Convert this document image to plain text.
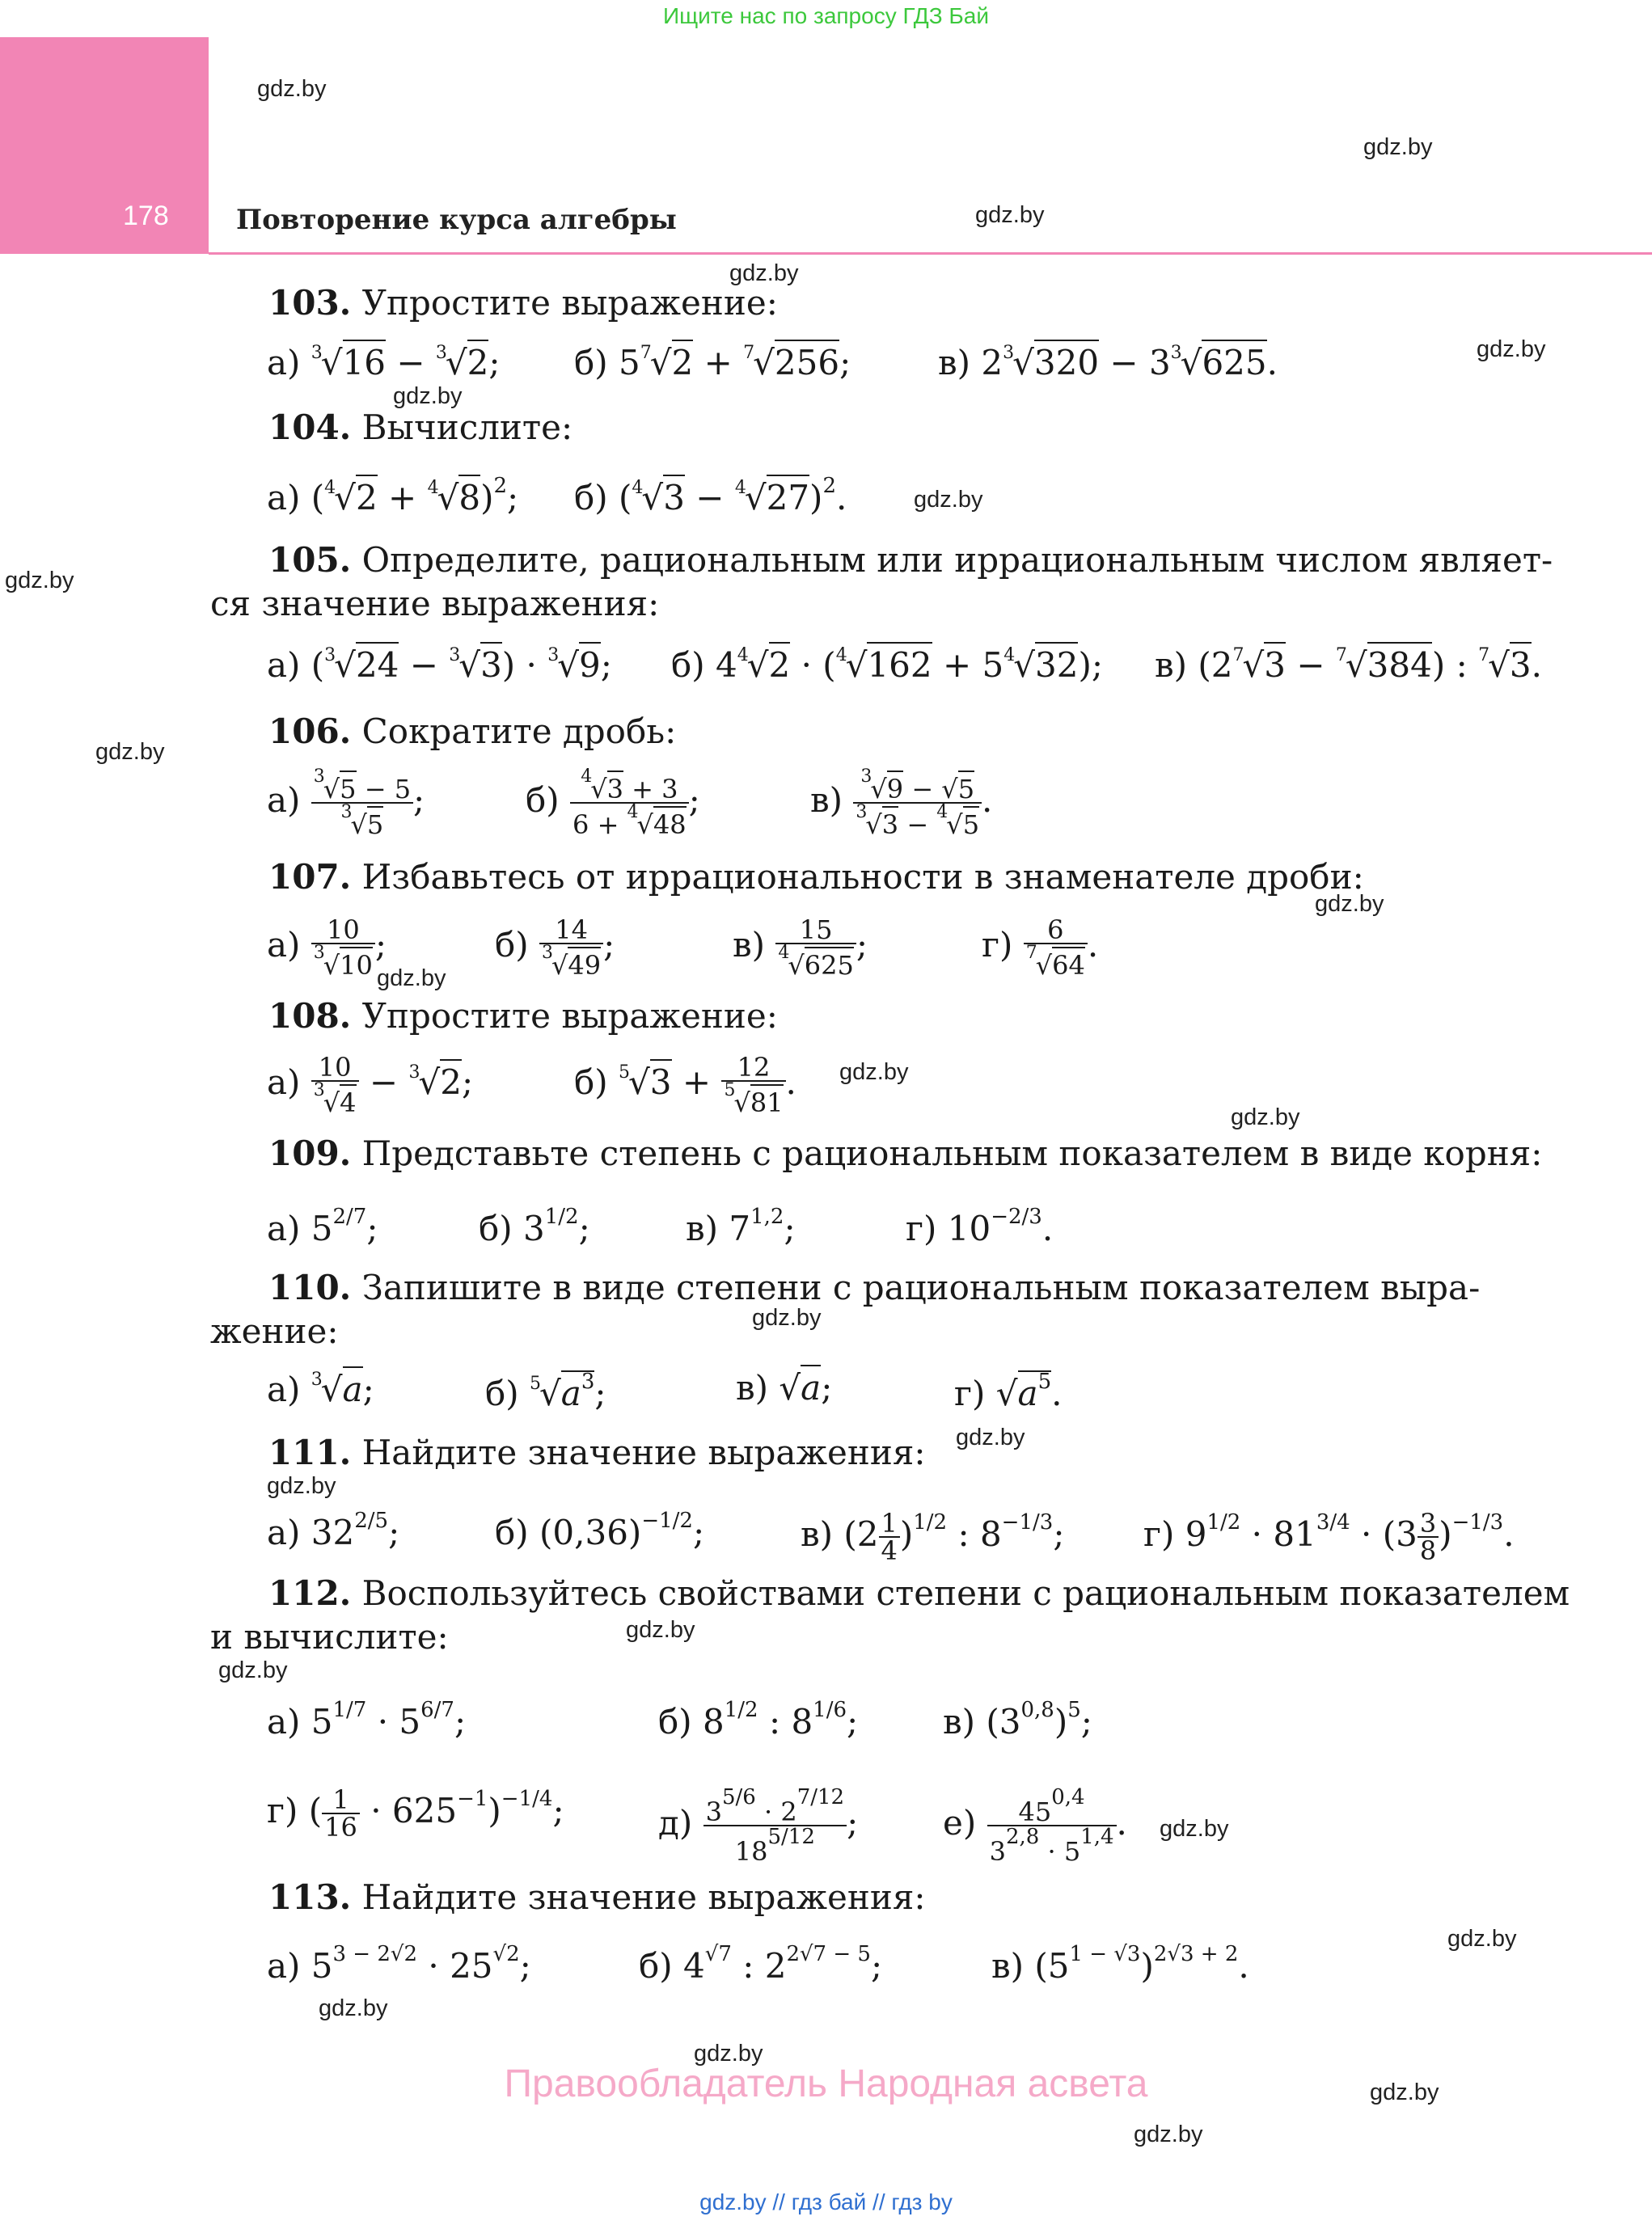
Ищите нас по запросу ГДЗ Бай
178 Повторение курса алгебры
gdz.by
gdz.by
gdz.by
gdz.by
gdz.by
gdz.by
gdz.by
gdz.by
gdz.by
gdz.by
gdz.by
gdz.by
gdz.by
gdz.by
gdz.by
gdz.by
gdz.by
gdz.by
gdz.by
gdz.by
gdz.by
gdz.by
gdz.by
gdz.by
103. Упростите выражение:
а) $^3$√16 − $^3$√2; б) $5^7√2 + ^7√256$;	в) $2^3√320 - 3^3√625$.
104. Вычислите:
а) $(^4√2 + ^4√8)^2$; б) $(^4√3 - ^4√27)^2$.
105. Определите, рациональным или иррациональным числом являет-
ся значение выражения:
а) ($^3$√24 − $^3$√3) · $^3$√9; б) $4^4√2 \cdot (^4√162 + 5^4√32)$; в) $(2^7√3 - ^7√384)$ : $^7$√3.
106. Сократите дробь:
$а) \frac{^3√5 - 5}{^3√5}$ ;	$б) \frac{^4√3 + 3}{6 + ^4√48}$ ;	$в) \frac{^3√9 - √5}{^3√3 - ^4√5}$ .
107. Избавьтесь от иррациональности в знаменателе дроби:
$а) \frac{10}{^3√10}$ ;	$б) \frac{14}{^3√49}$ ;	$в) \frac{15}{^4√625}$ ;	$г) \frac{6}{^7√64}$ .
108. Упростите выражение:
$а) \frac{10}{^3√4} - ^3√2$;	б) $^5√3 + \frac{12}{^5√81}$ .
109. Представьте степень с рациональным показателем в виде корня:
а) $5^{2/7}$;	б) $3^{1/2}$;	в) 7$^{1,2}$;	г) $10^{-2/3}$.
110. Запишите в виде степени с рациональным показателем выра-
жение:
а) $^3$√a;	б) $^5√a^3$;	в) √a;	г) $√a^5$.
111. Найдите значение выражения:
а) $32^{2/5}$;	б) $(0,36)^{-1/2}$;	в) $(2 \frac{1}{4} )^{1/2}$ : $8^{-1/3}$; г) $9^{1/2} \cdot 81^{3/4} \cdot (3 \frac{3}{8} )^{-1/3}$.
112. Воспользуйтесь свойствами степени с рациональным показателем
и вычислите:
а) $5^{1/7} \cdot 5^{6/7}$;	б) $8^{1/2}$ : $8^{1/6}$; в) $(3^{0,8})^5$;
г) ( $\frac{1}{16} \cdot 625^{-1})^{-1/4}$;	$д) \frac{3^{5/6} \cdot 2^{7/12}}{18^{5/12}}$ ; $е) \frac{45^{0,4}}{3^{2,8} \cdot 5^{1,4}}$ .
113. Найдите значение выражения:
а) $5^{3 - 2√2} \cdot 25^{√2}$;	б) $4^{√7}$ : $2^{2√7 - 5}$;	в) $(5^{1 - √3})^{2√3 + 2}$.
Правообладатель Народная асвета
gdz.by // гдз бай // гдз by
